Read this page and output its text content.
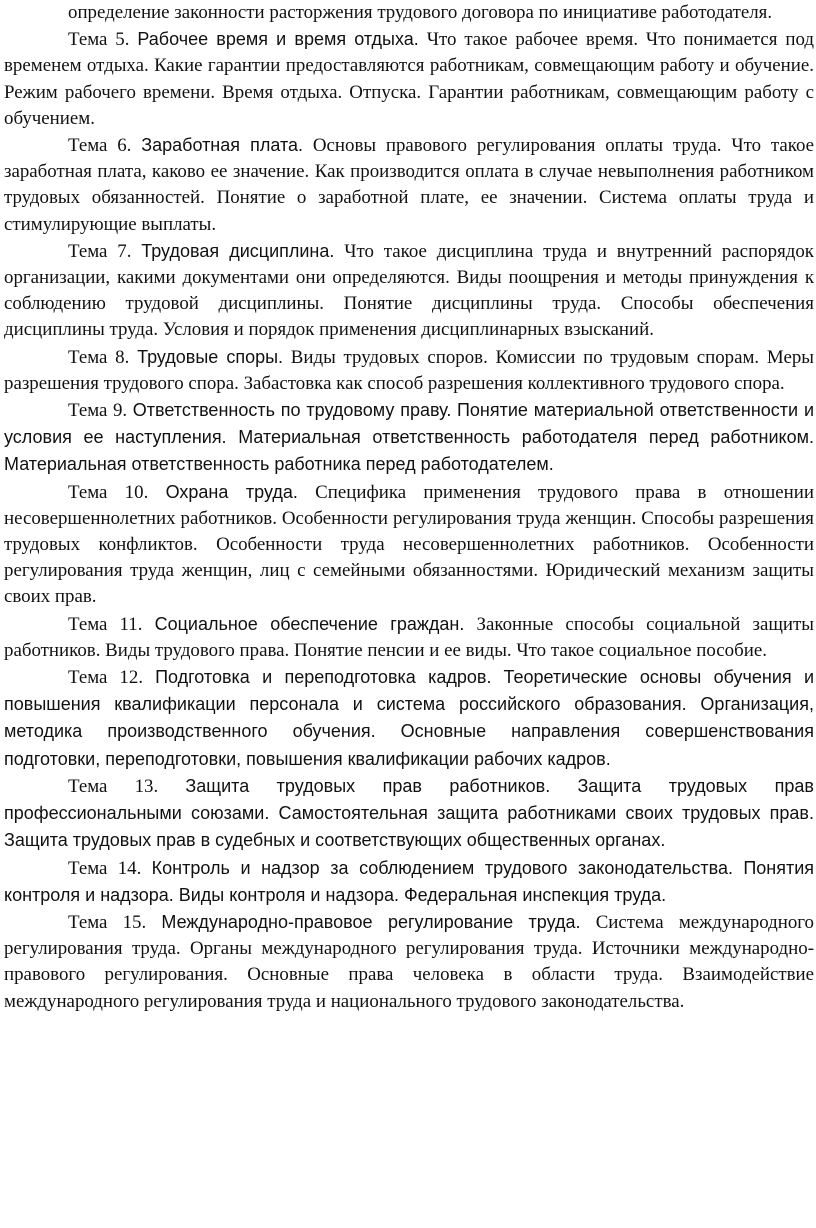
определение законности расторжения трудового договора по инициативе работодателя.

Тема 5. Рабочее время и время отдыха. Что такое рабочее время. Что понимается под временем отдыха. Какие гарантии предоставляются работникам, совмещающим работу и обучение. Режим рабочего времени. Время отдыха. Отпуска. Гарантии работникам, совмещающим работу с обучением.

Тема 6. Заработная плата. Основы правового регулирования оплаты труда. Что такое заработная плата, каково ее значение. Как производится оплата в случае невыполнения работником трудовых обязанностей. Понятие о заработной плате, ее значении. Система оплаты труда и стимулирующие выплаты.

Тема 7. Трудовая дисциплина. Что такое дисциплина труда и внутренний распорядок организации, какими документами они определяются. Виды поощрения и методы принуждения к соблюдению трудовой дисциплины. Понятие дисциплины труда. Способы обеспечения дисциплины труда. Условия и порядок применения дисциплинарных взысканий.

Тема 8. Трудовые споры. Виды трудовых споров. Комиссии по трудовым спорам. Меры разрешения трудового спора. Забастовка как способ разрешения коллективного трудового спора.

Тема 9. Ответственность по трудовому праву. Понятие материальной ответственности и условия ее наступления. Материальная ответственность работодателя перед работником. Материальная ответственность работника перед работодателем.

Тема 10. Охрана труда. Специфика применения трудового права в отношении несовершеннолетних работников. Особенности регулирования труда женщин. Способы разрешения трудовых конфликтов. Особенности труда несовершеннолетних работников. Особенности регулирования труда женщин, лиц с семейными обязанностями. Юридический механизм защиты своих прав.

Тема 11. Социальное обеспечение граждан. Законные способы социальной защиты работников. Виды трудового права. Понятие пенсии и ее виды. Что такое социальное пособие.

Тема 12. Подготовка и переподготовка кадров. Теоретические основы обучения и повышения квалификации персонала и система российского образования. Организация, методика производственного обучения. Основные направления совершенствования подготовки, переподготовки, повышения квалификации рабочих кадров.

Тема 13. Защита трудовых прав работников. Защита трудовых прав профессиональными союзами. Самостоятельная защита работниками своих трудовых прав. Защита трудовых прав в судебных и соответствующих общественных органах.

Тема 14. Контроль и надзор за соблюдением трудового законодательства. Понятия контроля и надзора. Виды контроля и надзора. Федеральная инспекция труда.

Тема 15. Международно-правовое регулирование труда. Система международного регулирования труда. Органы международного регулирования труда. Источники международно-правового регулирования. Основные права человека в области труда. Взаимодействие международного регулирования труда и национального трудового законодательства.
